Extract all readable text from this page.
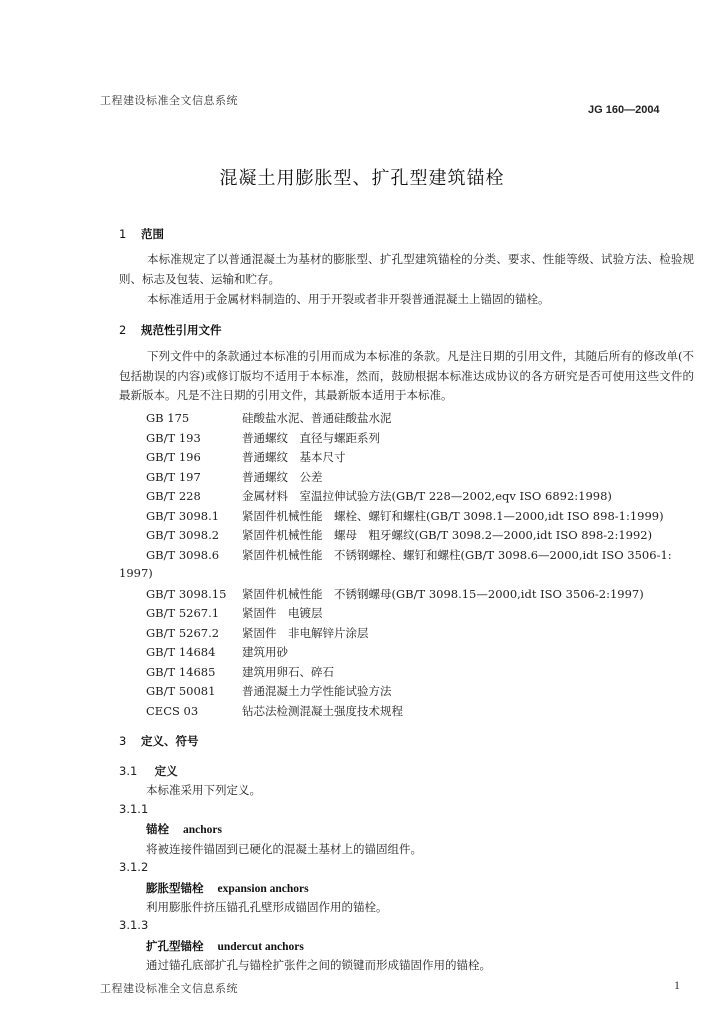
工程建设标准全文信息系统
JG 160—2004
混凝土用膨胀型、扩孔型建筑锚栓
1 范围
本标准规定了以普通混凝土为基材的膨胀型、扩孔型建筑锚栓的分类、要求、性能等级、试验方法、检验规则、标志及包装、运输和贮存。
本标准适用于金属材料制造的、用于开裂或者非开裂普通混凝土上锚固的锚栓。
2 规范性引用文件
下列文件中的条款通过本标准的引用而成为本标准的条款。凡是注日期的引用文件，其随后所有的修改单(不包括勘误的内容)或修订版均不适用于本标准，然而，鼓励根据本标准达成协议的各方研究是否可使用这些文件的最新版本。凡是不注日期的引用文件，其最新版本适用于本标准。
GB 175	硅酸盐水泥、普通硅酸盐水泥
GB/T 193	普通螺纹　直径与螺距系列
GB/T 196	普通螺纹　基本尺寸
GB/T 197	普通螺纹　公差
GB/T 228	金属材料　室温拉伸试验方法(GB/T 228—2002,eqv ISO 6892:1998)
GB/T 3098.1 紧固件机械性能　螺栓、螺钉和螺柱(GB/T 3098.1—2000,idt ISO 898-1:1999)
GB/T 3098.2 紧固件机械性能　螺母　粗牙螺纹(GB/T 3098.2—2000,idt ISO 898-2:1992)
GB/T 3098.6 紧固件机械性能　不锈钢螺栓、螺钉和螺柱(GB/T 3098.6—2000,idt ISO 3506-1:
1997)
GB/T 3098.15 紧固件机械性能　不锈钢螺母(GB/T 3098.15—2000,idt ISO 3506-2:1997)
GB/T 5267.1 紧固件　电镀层
GB/T 5267.2 紧固件　非电解锌片涂层
GB/T 14684 建筑用砂
GB/T 14685 建筑用卵石、碎石
GB/T 50081 普通混凝土力学性能试验方法
CECS 03	钻芯法检测混凝土强度技术规程
3 定义、符号
3.1 定义
本标准采用下列定义。
3.1.1
锚栓 anchors
将被连接件锚固到已硬化的混凝土基材上的锚固组件。
3.1.2
膨胀型锚栓 expansion anchors
利用膨胀件挤压锚孔孔壁形成锚固作用的锚栓。
3.1.3
扩孔型锚栓 undercut anchors
通过锚孔底部扩孔与锚栓扩张件之间的锁键而形成锚固作用的锚栓。
工程建设标准全文信息系统	1
